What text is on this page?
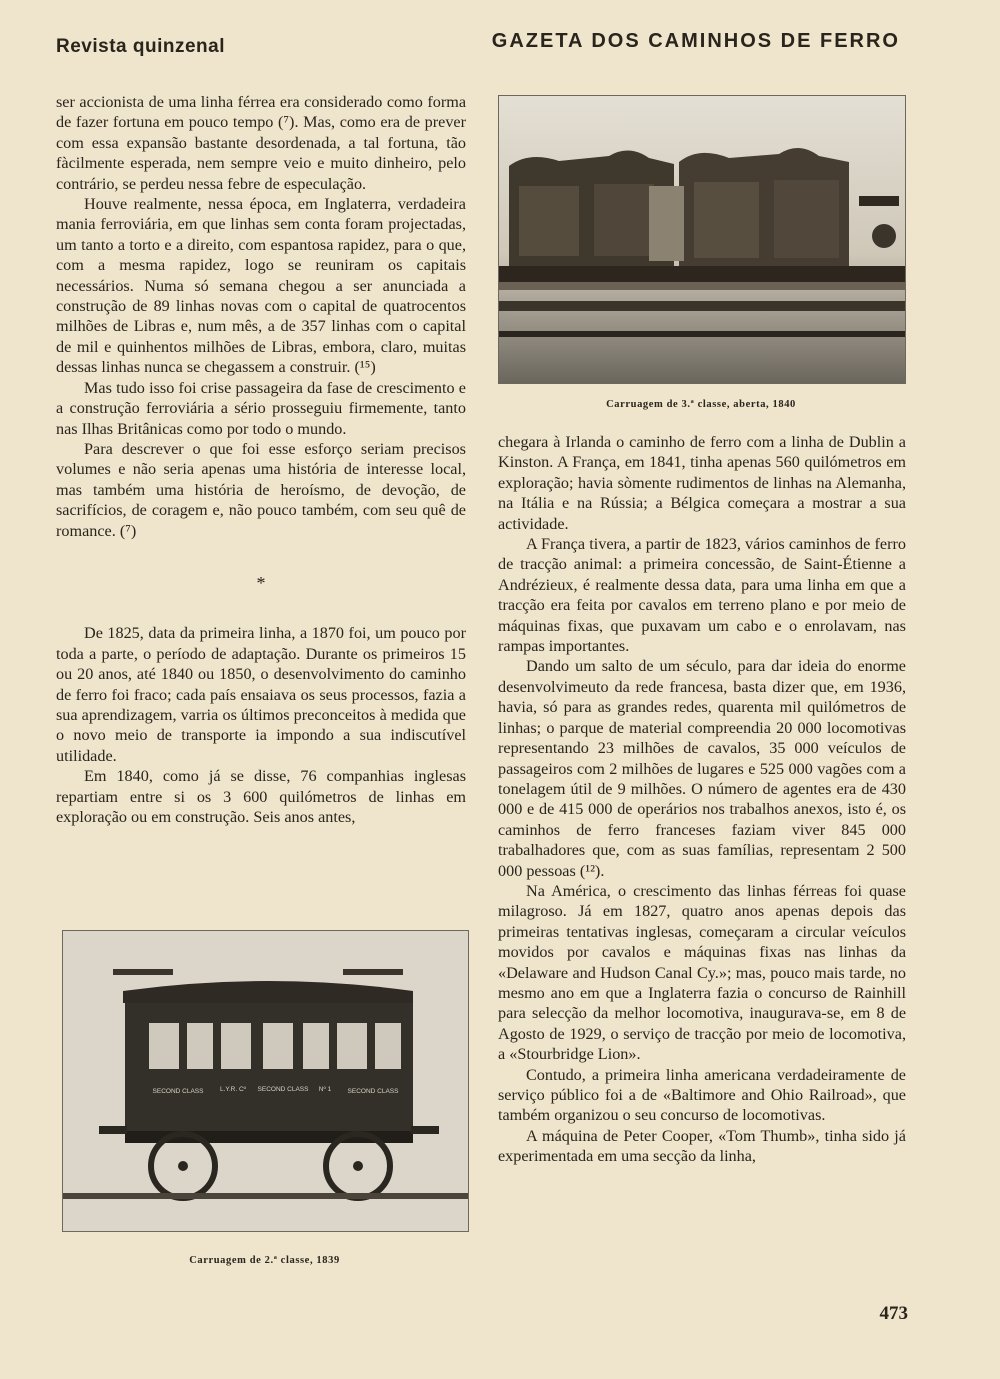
Revista quinzenal	GAZETA DOS CAMINHOS DE FERRO

ser accionista de uma linha férrea era considerado como forma de fazer fortuna em pouco tempo (⁷). Mas, como era de prever com essa expansão bastante desordenada, a tal fortuna, tão fàcilmente esperada, nem sempre veio e muito dinheiro, pelo contrário, se perdeu nessa febre de especulação.

Houve realmente, nessa época, em Inglaterra, verdadeira mania ferroviária, em que linhas sem conta foram projectadas, um tanto a torto e a direito, com espantosa rapidez, para o que, com a mesma rapidez, logo se reuniram os capitais necessários. Numa só semana chegou a ser anunciada a construção de 89 linhas novas com o capital de quatrocentos milhões de Libras e, num mês, a de 357 linhas com o capital de mil e quinhentos milhões de Libras, embora, claro, muitas dessas linhas nunca se chegassem a construir. (¹⁵)

Mas tudo isso foi crise passageira da fase de crescimento e a construção ferroviária a sério prosseguiu firmemente, tanto nas Ilhas Britânicas como por todo o mundo.

Para descrever o que foi esse esforço seriam precisos volumes e não seria apenas uma história de interesse local, mas também uma história de heroísmo, de devoção, de sacrifícios, de coragem e, não pouco também, com seu quê de romance. (⁷)

*

De 1825, data da primeira linha, a 1870 foi, um pouco por toda a parte, o período de adaptação. Durante os primeiros 15 ou 20 anos, até 1840 ou 1850, o desenvolvimento do caminho de ferro foi fraco; cada país ensaiava os seus processos, fazia a sua aprendizagem, varria os últimos preconceitos à medida que o novo meio de transporte ia impondo a sua indiscutível utilidade.

Em 1840, como já se disse, 76 companhias inglesas repartiam entre si os 3 600 quilómetros de linhas em exploração ou em construção. Seis anos antes,

Carruagem de 3.ª classe, aberta, 1840

chegara à Irlanda o caminho de ferro com a linha de Dublin a Kinston. A França, em 1841, tinha apenas 560 quilómetros em exploração; havia sòmente rudimentos de linhas na Alemanha, na Itália e na Rússia; a Bélgica começara a mostrar a sua actividade.

A França tivera, a partir de 1823, vários caminhos de ferro de tracção animal: a primeira concessão, de Saint-Étienne a Andrézieux, é realmente dessa data, para uma linha em que a tracção era feita por cavalos em terreno plano e por meio de máquinas fixas, que puxavam um cabo e o enrolavam, nas rampas importantes.

Dando um salto de um século, para dar ideia do enorme desenvolvimeuto da rede francesa, basta dizer que, em 1936, havia, só para as grandes redes, quarenta mil quilómetros de linhas; o parque de material compreendia 20 000 locomotivas representando 23 milhões de cavalos, 35 000 veículos de passageiros com 2 milhões de lugares e 525 000 vagões com a tonelagem útil de 9 milhões. O número de agentes era de 430 000 e de 415 000 de operários nos trabalhos anexos, isto é, os caminhos de ferro franceses faziam viver 845 000 trabalhadores que, com as suas famílias, representam 2 500 000 pessoas (¹²).

Na América, o crescimento das linhas férreas foi quase milagroso. Já em 1827, quatro anos apenas depois das primeiras tentativas inglesas, começaram a circular veículos movidos por cavalos e máquinas fixas nas linhas da «Delaware and Hudson Canal Cy.»; mas, pouco mais tarde, no mesmo ano em que a Inglaterra fazia o concurso de Rainhill para selecção da melhor locomotiva, inaugurava-se, em 8 de Agosto de 1929, o serviço de tracção por meio de locomotiva, a «Stourbridge Lion».

Contudo, a primeira linha americana verdadeiramente de serviço público foi a de «Baltimore and Ohio Railroad», que também organizou o seu concurso de locomotivas.

A máquina de Peter Cooper, «Tom Thumb», tinha sido já experimentada em uma secção da linha,

SECOND CLASS	L.Y.R. Cº SECOND CLASS Nº 1	SECOND CLASS
Carruagem de 2.ª classe, 1839
473
